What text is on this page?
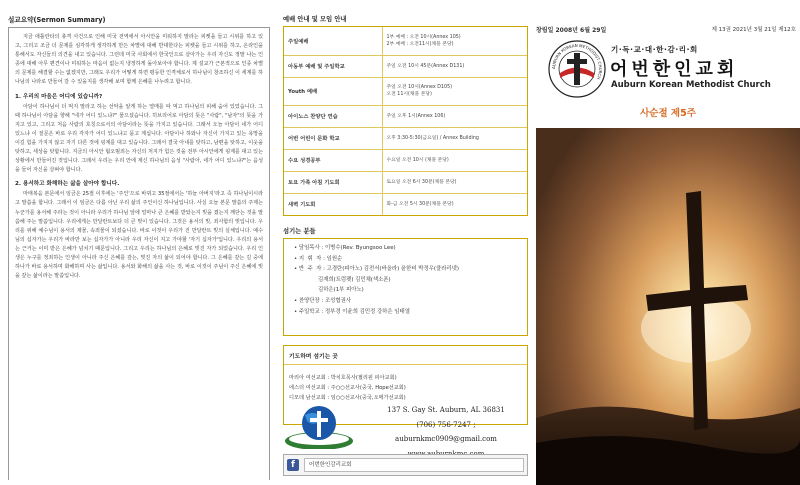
설교요약(Sermon Summary)

지금 애틀란타의 총격 사건으로 인해 미국 전역에서 아시안을 미워하지 말라는 피켓을 들고 시위를 하고 있고, 그리고 조금 더 문제를 심각하게 생각하게 만든 차별에 대해 반대한다는 피켓을 들고 시위를 하고, 온라인을 통해서도 자신들의 의견을 내고 있습니다. 그런데 미국 사회에서 한국인으로 살아가는 우리 자신도 정말 나는 인종에 대해 아무 편견이나 미워하는 마음이 없는지 냉정하게 돌아보아야 합니다. 제 설교가 근본적으로 인종 차별의 문제를 해결할 수는 없겠지만, 그래도 우리가 어떻게 하면 평등한 인격체로서 하나님이 창조하신 이 세계를 하나님의 나라로 만들어 갈 수 있을지를 생각해 보며 함께 은혜를 나누려고 합니다.

1. 우리의 마음은 어디에 있습니까?

아담이 하나님이 더 먹지 말라고 하는 선악을 알게 하는 열매를 따 먹고 하나님의 피해 숨어 있었습니다. 그 때 하나님이 아담을 향해 "네가 어디 있느냐?" 물으셨습니다. 히브리어로 아담의 뜻은 "사람", "남자"의 뜻을 가지고 있고, 그리고 처음 사람의 호칭으로서의 아담이라는 뜻을 가지고 있습니다. 그래서 오늘 아담이 네가 어디 있느냐 이 질문은 바로 우리 각자가 어디 있느냐고 묻고 계십니다. 아담이나 하와나 자신이 가지고 있는 욕망을 이길 힘을 가지지 않고 자기 다른 것에 핑계를 대고 있습니다. 그래서 결국 아내를 탓하고, 남편을 탓하고, 이웃을 탓하고, 세상을 탓합니다. 지금의 아시안 혐오범죄는 자신의 처지가 힘든 것을 전부 아시안에게 핑계를 대고 있는 상황에서 만들어진 것입니다. 그래서 우리는 우리 안에 계신 하나님의 음성 "사람아, 네가 어디 있느냐?"는 음성을 들어 자신을 살펴야 합니다.

2. 용서하고 화해하는 삶을 살아야 합니다.

마태복음 본문에서 임금은 25절 이후에는 '주인'으로 바뀌고 35절에서는 '하늘 아버지'라고 즉 하나님이시라고 말씀을 합니다. 그래서 이 임금은 다름 아닌 우리 삶의 주인이신 하나님입니다. 사실 오늘 본문 말씀의 주제는 누군가를 용서해 주라는 것이 아니라 우리가 하나님 앞에 얼마나 큰 은혜를 받았는지 빚을 졌는지 깨닫는 것을 말씀해 주는 말씀입니다. 우리에게는 만달란트보다 더 큰 빚이 있습니다. 그것은 용서의 빚, 죄사함의 빚입니다. 우리를 위해 예수님이 용서의 제물, 속죄물이 되셨습니다. 바로 이것이 우리가 진 만달란트 빚의 실체입니다. 예수님의 십자가는 우리가 바라만 보는 십자가가 아니라 우리 자신이 지고 가야할 '자기 십자가'입니다. 우리의 용서는 근거는 이미 받은 은혜가 넘치기 때문입니다. 그리고 우리는 하나님의 은혜로 빚진 자가 되었습니다. 우리 인생은 누구를 정죄하는 인생이 아니라 주신 은혜를 갚는, 빚진 자의 삶이 되어야 합니다. 그 은혜를 갚는 길 중에 하나가 바로 용서하며 화해하며 사는 삶입니다. 용서와 화해의 삶을 사는 것, 바로 이것이 주님이 주신 은혜에 빚을 갚는 삶이라는 말씀입니다.

예배 안내 및 모임 안내
주일예배	1부 예배 : 오전 10시(Annex 105)
2부 예배 : 오전11시(채플 본당)
아동부 예배 및 주일학교	주일 오전 10시 45분(Annex D131)
Youth 예배	주일 오전 10시(Annex D105)
오전 11시(채플 본당)
아이노스 찬양단 연습	주일 오후 1시(Annex 106)
어번 어린이 문화 학교	오후 3:30-5:30(금요일) / Annex Building
수요 성경공부	수요일 오전 10시 (채플 본당)
토요 가족 아침 기도회	토요일 오전 6시 30분(채플 본당)
새벽 기도회	화-금 오전 5시 30분(채플 본당)
섬기는 분들
• 담임목사 : 이병수(Rev. Byungsoo Lee)
• 지  휘  자 : 임원순
• 반  주  자 : 고경란(피아노) 김전서(바올라) 윤한비 박정우(클라리넷)
김재희(트럼펫) 김민채(색소폰)
김하은(1부 피아노)
• 찬양단장 : 조성협권사
• 주일학교 : 정부경 이윤희 김민정 강하은 임태열
기도하며 섬기는 곳
마리아 여선교회 : 박치호목사(필리핀 피아교회)
에스더 여선교회 : 주○○선교사(중국, Hope선교회)
디모데 남선교회 : 임○○선교사(중국,오메가선교회)
137 S. Gay St. Auburn, AL 36831
(706) 756-7247 ; auburnkmc0909@gmail.com
f	어번한인감리교회
창립일 2008년 6월 29일	제 13권 2021년 3월 21일 제12호
AUBURN KOREAN METHODIST CHURCH
기·독·교·대·한·감·리·회
어번한인교회
Auburn Korean Methodist Church
사순절 제5주
